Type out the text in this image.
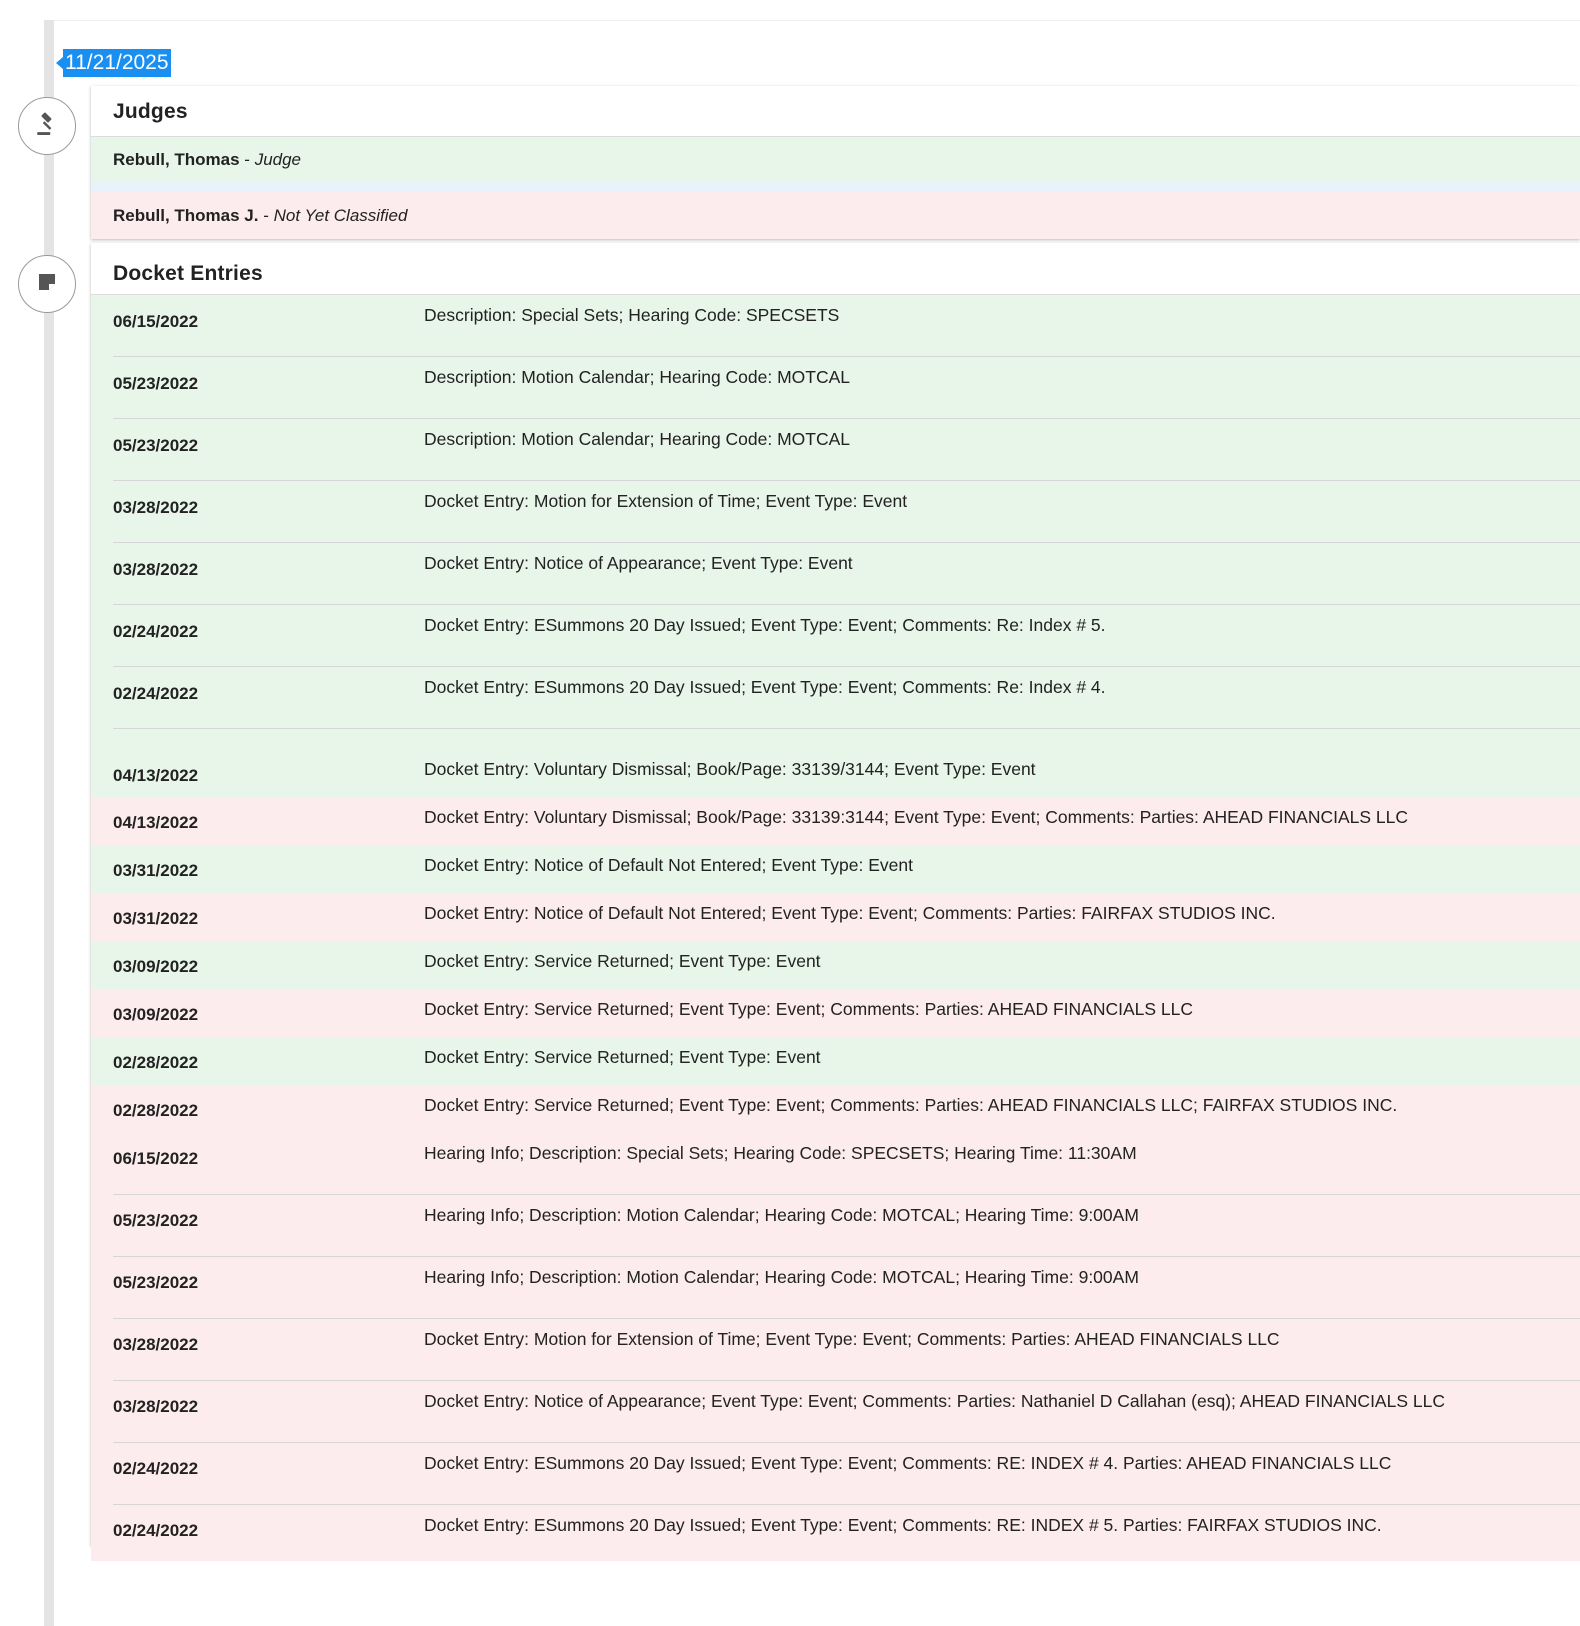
11/21/2025
Judges
Rebull, Thomas - Judge
Rebull, Thomas J. - Not Yet Classified
Docket Entries
06/15/2022	Description: Special Sets; Hearing Code: SPECSETS
05/23/2022	Description: Motion Calendar; Hearing Code: MOTCAL
05/23/2022	Description: Motion Calendar; Hearing Code: MOTCAL
03/28/2022	Docket Entry: Motion for Extension of Time; Event Type: Event
03/28/2022	Docket Entry: Notice of Appearance; Event Type: Event
02/24/2022	Docket Entry: ESummons 20 Day Issued; Event Type: Event; Comments: Re: Index # 5.
02/24/2022	Docket Entry: ESummons 20 Day Issued; Event Type: Event; Comments: Re: Index # 4.
04/13/2022	Docket Entry: Voluntary Dismissal; Book/Page: 33139/3144; Event Type: Event
04/13/2022	Docket Entry: Voluntary Dismissal; Book/Page: 33139:3144; Event Type: Event; Comments: Parties: AHEAD FINANCIALS LLC
03/31/2022	Docket Entry: Notice of Default Not Entered; Event Type: Event
03/31/2022	Docket Entry: Notice of Default Not Entered; Event Type: Event; Comments: Parties: FAIRFAX STUDIOS INC.
03/09/2022	Docket Entry: Service Returned; Event Type: Event
03/09/2022	Docket Entry: Service Returned; Event Type: Event; Comments: Parties: AHEAD FINANCIALS LLC
02/28/2022	Docket Entry: Service Returned; Event Type: Event
02/28/2022	Docket Entry: Service Returned; Event Type: Event; Comments: Parties: AHEAD FINANCIALS LLC; FAIRFAX STUDIOS INC.
06/15/2022	Hearing Info; Description: Special Sets; Hearing Code: SPECSETS; Hearing Time: 11:30AM
05/23/2022	Hearing Info; Description: Motion Calendar; Hearing Code: MOTCAL; Hearing Time: 9:00AM
05/23/2022	Hearing Info; Description: Motion Calendar; Hearing Code: MOTCAL; Hearing Time: 9:00AM
03/28/2022	Docket Entry: Motion for Extension of Time; Event Type: Event; Comments: Parties: AHEAD FINANCIALS LLC
03/28/2022	Docket Entry: Notice of Appearance; Event Type: Event; Comments: Parties: Nathaniel D Callahan (esq); AHEAD FINANCIALS LLC
02/24/2022	Docket Entry: ESummons 20 Day Issued; Event Type: Event; Comments: RE: INDEX # 4. Parties: AHEAD FINANCIALS LLC
02/24/2022	Docket Entry: ESummons 20 Day Issued; Event Type: Event; Comments: RE: INDEX # 5. Parties: FAIRFAX STUDIOS INC.
